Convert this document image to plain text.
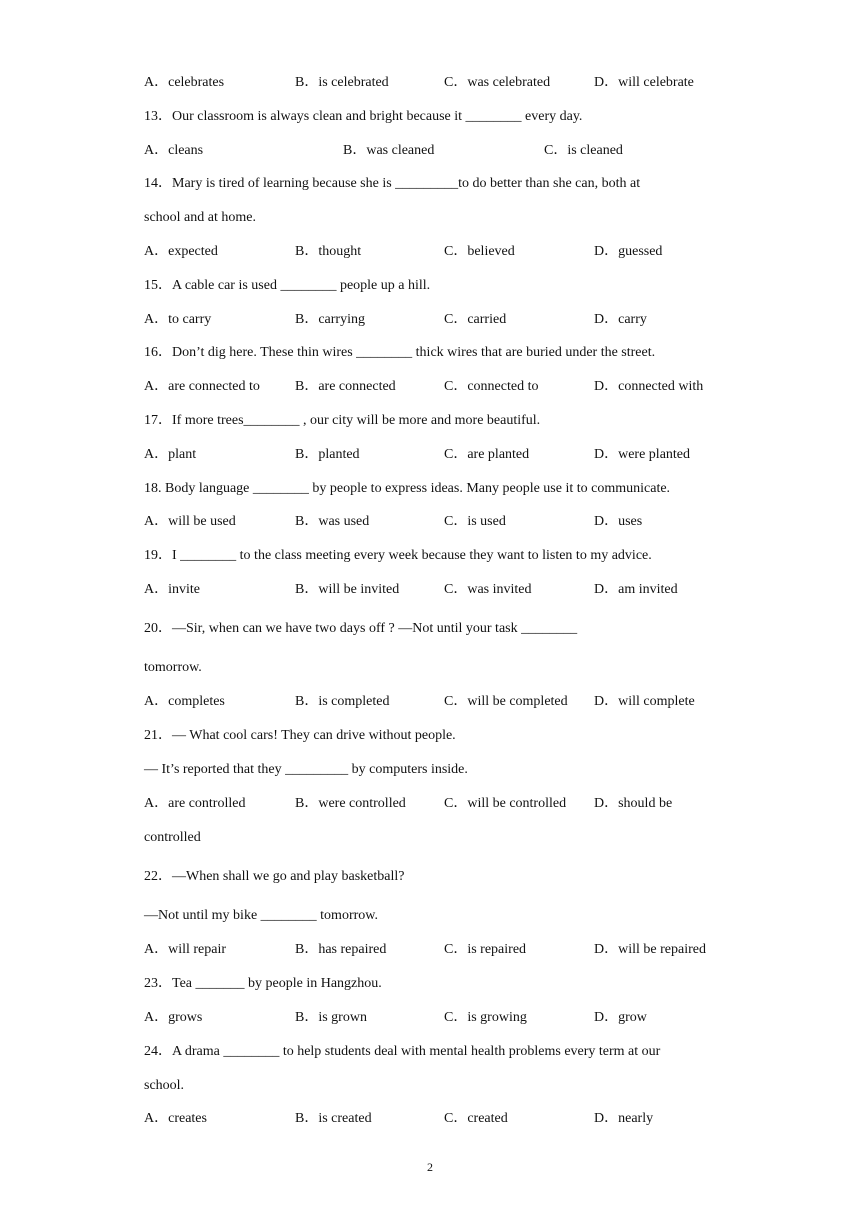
A．celebrates	B．is celebrated	C．was celebrated	D．will celebrate
13．Our classroom is always clean and bright because it ________ every day.
A．cleans	B．was cleaned	C．is cleaned
14．Mary is tired of learning because she is _________to do better than she can, both at
school and at home.
A．expected	B．thought	C．believed	D．guessed
15．A cable car is used ________ people up a hill.
A．to carry	B．carrying	C．carried	D．carry
16．Don’t dig here. These thin wires ________ thick wires that are buried under the street.
A．are connected to	B．are connected	C．connected to	D．connected with
17．If more trees________ , our city will be more and more beautiful.
A．plant	B．planted	C．are planted	D．were planted
18. Body language ________ by people to express ideas. Many people use it to communicate.
A．will be used	B．was used	C．is used	D．uses
19．I ________ to the class meeting every week because they want to listen to my advice.
A．invite	B．will be invited	C．was invited	D．am invited
20．—Sir, when can we have two days off ? —Not until your task ________
tomorrow.
A．completes	B．is completed	C．will be completed D．will complete
21．— What cool cars! They can drive without people.
— It’s reported that they _________ by computers inside.
A．are controlled	B．were controlled	C．will be controlled D．should be
controlled
22．―When shall we go and play basketball?
―Not until my bike ________ tomorrow.
A．will repair	B．has repaired	C．is repaired	D．will be repaired
23．Tea _______ by people in Hangzhou.
A．grows	B．is grown	C．is growing	D．grow
24．A drama ________ to help students deal with mental health problems every term at our
school.
A．creates	B．is created	C．created	D．nearly
2
